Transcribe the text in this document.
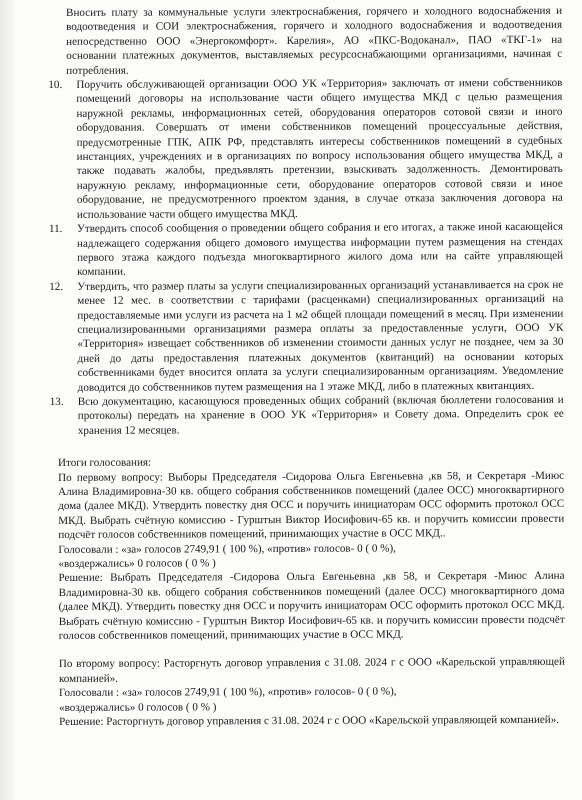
Вносить плату за коммунальные услуги электроснабжения, горячего и холодного водоснабжения и водоотведения и СОИ электроснабжения, горячего и холодного водоснабжения и водоотведения непосредственно ООО «Энергокомфорт». Карелия», АО «ПКС-Водоканал», ПАО «ТКГ-1» на основании платежных документов, выставляемых ресурсоснабжающими организациями, начиная с потребления.

10. Поручить обслуживающей организации ООО УК «Территория» заключать от имени собственников помещений договоры на использование части общего имущества МКД с целью размещения наружной рекламы, информационных сетей, оборудования операторов сотовой связи и иного оборудования. Совершать от имени собственников помещений процессуальные действия, предусмотренные ГПК, АПК РФ, представлять интересы собственников помещений в судебных инстанциях, учреждениях и в организациях по вопросу использования общего имущества МКД, а также подавать жалобы, предъявлять претензии, взыскивать задолженность. Демонтировать наружную рекламу, информационные сети, оборудование операторов сотовой связи и иное оборудование, не предусмотренного проектом здания, в случае отказа заключения договора на использование части общего имущества МКД.
11. Утвердить способ сообщения о проведении общего собрания и его итогах, а также иной касающейся надлежащего содержания общего домового имущества информации путем размещения на стендах первого этажа каждого подъезда многоквартирного жилого дома или на сайте управляющей компании.
12. Утвердить, что размер платы за услуги специализированных организаций устанавливается на срок не менее 12 мес. в соответствии с тарифами (расценками) специализированных организаций на предоставляемые ими услуги из расчета на 1 м2 общей площади помещений в месяц. При изменении специализированными организациями размера оплаты за предоставленные услуги, ООО УК «Территория» извещает собственников об изменении стоимости данных услуг не позднее, чем за 30 дней до даты предоставления платежных документов (квитанций) на основании которых собственниками будет вносится оплата за услуги специализированным организациям. Уведомление доводится до собственников путем размещения на 1 этаже МКД, либо в платежных квитанциях.
13. Всю документацию, касающуюся проведенных общих собраний (включая бюллетени голосования и протоколы) передать на хранение в ООО УК «Территория» и Совету дома. Определить срок ее хранения 12 месяцев.

Итоги голосования:

По первому вопросу: Выборы Председателя -Сидорова Ольга Евгеньевна ,кв 58, и Секретаря -Миюс Алина Владимировна-30 кв. общего собрания собственников помещений (далее ОСС) многоквартирного дома (далее МКД). Утвердить повестку дня ОСС и поручить инициаторам ОСС оформить протокол ОСС МКД. Выбрать счётную комиссию - Гурштын Виктор Иосифович-65 кв. и поручить комиссии провести подсчёт голосов собственников помещений, принимающих участие в ОСС МКД..

Голосовали : «за» голосов 2749,91 ( 100 %), «против» голосов- 0 ( 0 %),

«воздержались» 0 голосов ( 0 % )

Решение: Выбрать Председателя -Сидорова Ольга Евгеньевна ,кв 58, и Секретаря -Миюс Алина Владимировна-30 кв. общего собрания собственников помещений (далее ОСС) многоквартирного дома (далее МКД). Утвердить повестку дня ОСС и поручить инициаторам ОСС оформить протокол ОСС МКД. Выбрать счётную комиссию - Гурштын Виктор Иосифович-65 кв. и поручить комиссии провести подсчёт голосов собственников помещений, принимающих участие в ОСС МКД.

По второму вопросу: Расторгнуть договор управления с 31.08. 2024 г с ООО «Карельской управляющей компанией».

Голосовали : «за» голосов 2749,91 ( 100 %), «против» голосов- 0 ( 0 %),

«воздержались» 0 голосов ( 0 % )

Решение: Расторгнуть договор управления с 31.08. 2024 г с ООО «Карельской управляющей компанией».
